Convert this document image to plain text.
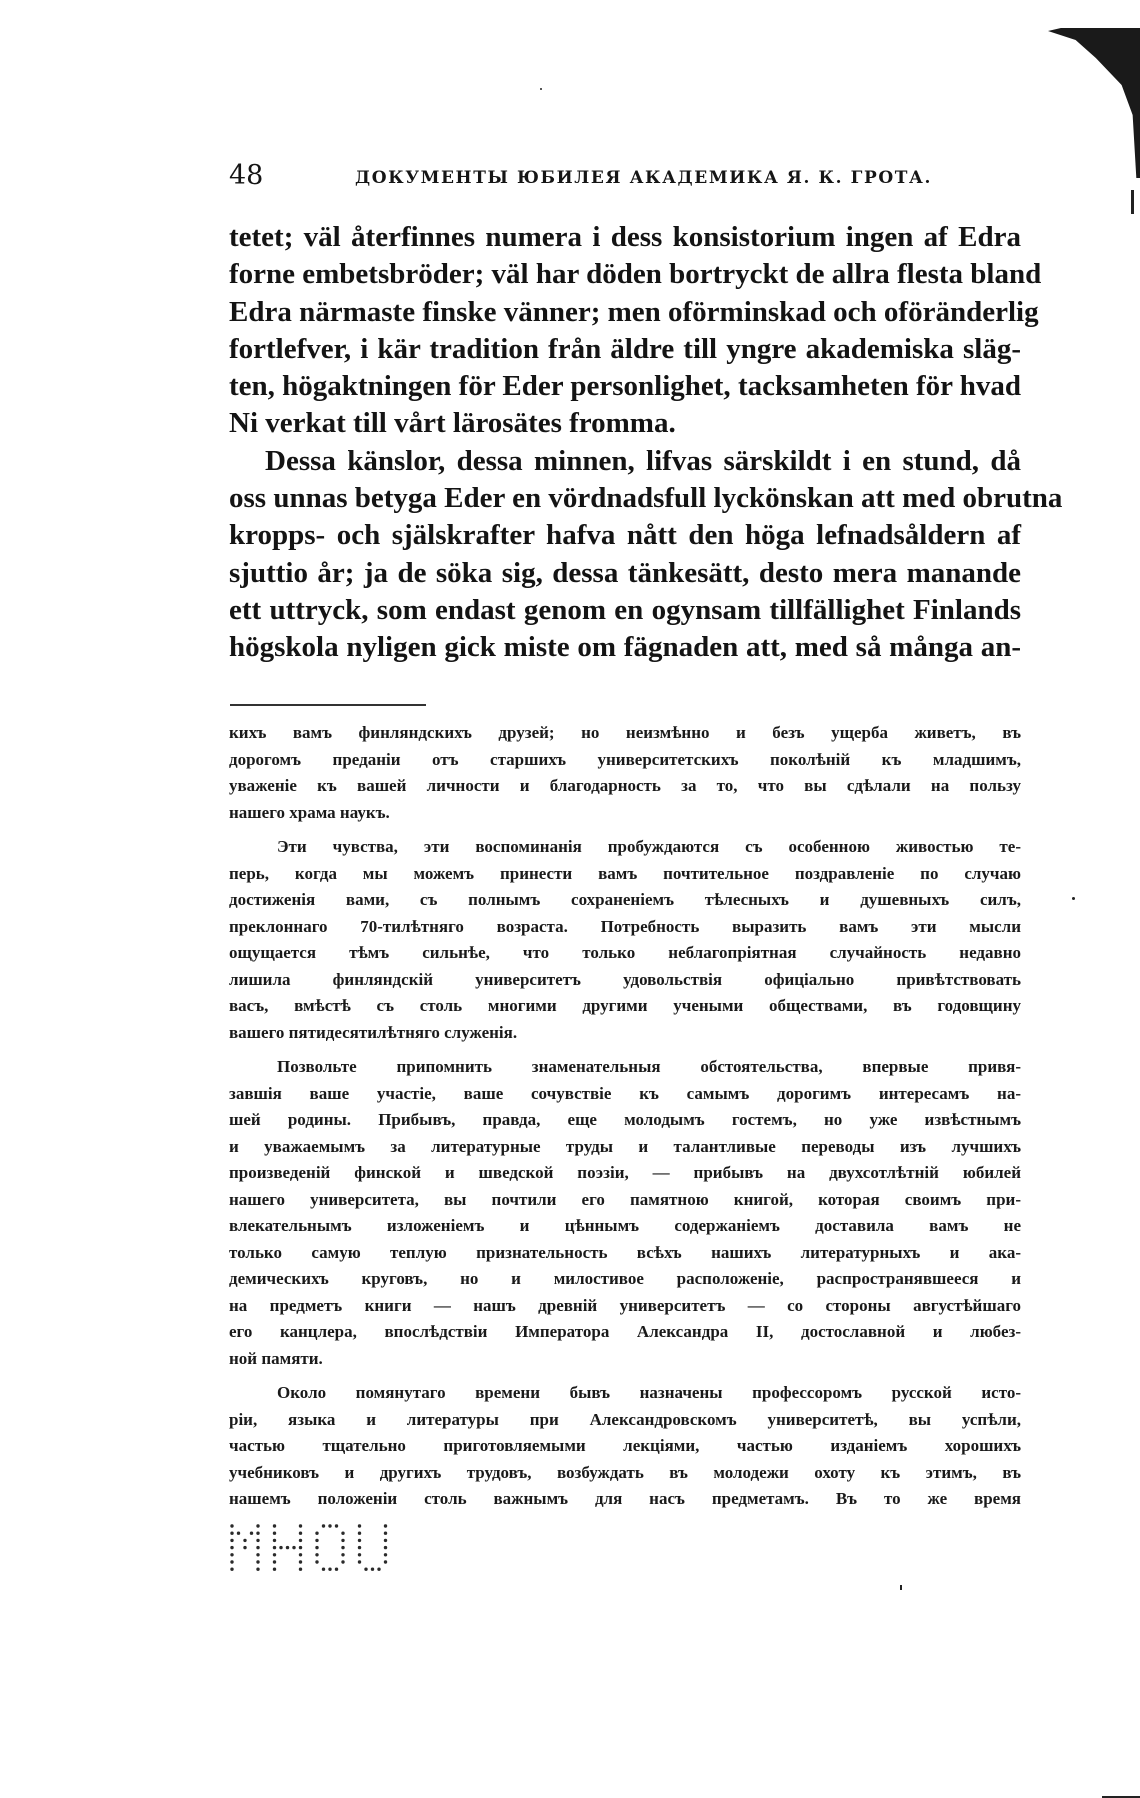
48	ДОКУМЕНТЫ ЮБИЛЕЯ АКАДЕМИКА Я. К. ГРОТА.
tetet; väl återfinnes numera i dess konsistorium ingen af Edra
forne embetsbröder; väl har döden bortryckt de allra flesta bland
Edra närmaste finske vänner; men oförminskad och oföränderlig
fortlefver, i kär tradition från äldre till yngre akademiska släg-
ten, högaktningen för Eder personlighet, tacksamheten för hvad
Ni verkat till vårt lärosätes fromma.
Dessa känslor, dessa minnen, lifvas särskildt i en stund, då
oss unnas betyga Eder en vördnadsfull lyckönskan att med obrutna
kropps- och själskrafter hafva nått den höga lefnadsåldern af
sjuttio år; ja de söka sig, dessa tänkesätt, desto mera manande
ett uttryck, som endast genom en ogynsam tillfällighet Finlands
högskola nyligen gick miste om fägnaden att, med så många an-
кихъ вамъ финляндскихъ друзей; но неизмѣнно и безъ ущерба живетъ, въ
дорогомъ преданіи отъ старшихъ университетскихъ поколѣній къ младшимъ,
уваженіе къ вашей личности и благодарность за то, что вы сдѣлали на пользу
нашего храма наукъ.
Эти чувства, эти воспоминанія пробуждаются съ особенною живостью те-
перь, когда мы можемъ принести вамъ почтительное поздравленіе по случаю
достиженія вами, съ полнымъ сохраненіемъ тѣлесныхъ и душевныхъ силъ,
преклоннаго 70-тилѣтняго возраста. Потребность выразить вамъ эти мысли
ощущается тѣмъ сильнѣе, что только неблагопріятная случайность недавно
лишила финляндскій университетъ удовольствія офиціально привѣтствовать
васъ, вмѣстѣ съ столь многими другими учеными обществами, въ годовщину
вашего пятидесятилѣтняго служенія.
Позвольте припомнить знаменательныя обстоятельства, впервые привя-
завшія ваше участіе, ваше сочувствіе къ самымъ дорогимъ интересамъ на-
шей родины. Прибывъ, правда, еще молодымъ гостемъ, но уже извѣстнымъ
и уважаемымъ за литературные труды и талантливые переводы изъ лучшихъ
произведеній финской и шведской поэзіи, — прибывъ на двухсотлѣтній юбилей
нашего университета, вы почтили его памятною книгой, которая своимъ при-
влекательнымъ изложеніемъ и цѣннымъ содержаніемъ доставила вамъ не
только самую теплую признательность всѣхъ нашихъ литературныхъ и ака-
демическихъ круговъ, но и милостивое расположеніе, распространявшееся и
на предметъ книги — нашъ древній университетъ — со стороны августѣйшаго
его канцлера, впослѣдствіи Императора Александра II, достославной и любез-
ной памяти.
Около помянутаго времени бывъ назначены профессоромъ русской исто-
ріи, языка и литературы при Александровскомъ университетѣ, вы успѣли,
частью тщательно приготовляемыми лекціями, частью изданіемъ хорошихъ
учебниковъ и другихъ трудовъ, возбуждать въ молодежи охоту къ этимъ, въ
нашемъ положеніи столь важнымъ для насъ предметамъ. Въ то же время
